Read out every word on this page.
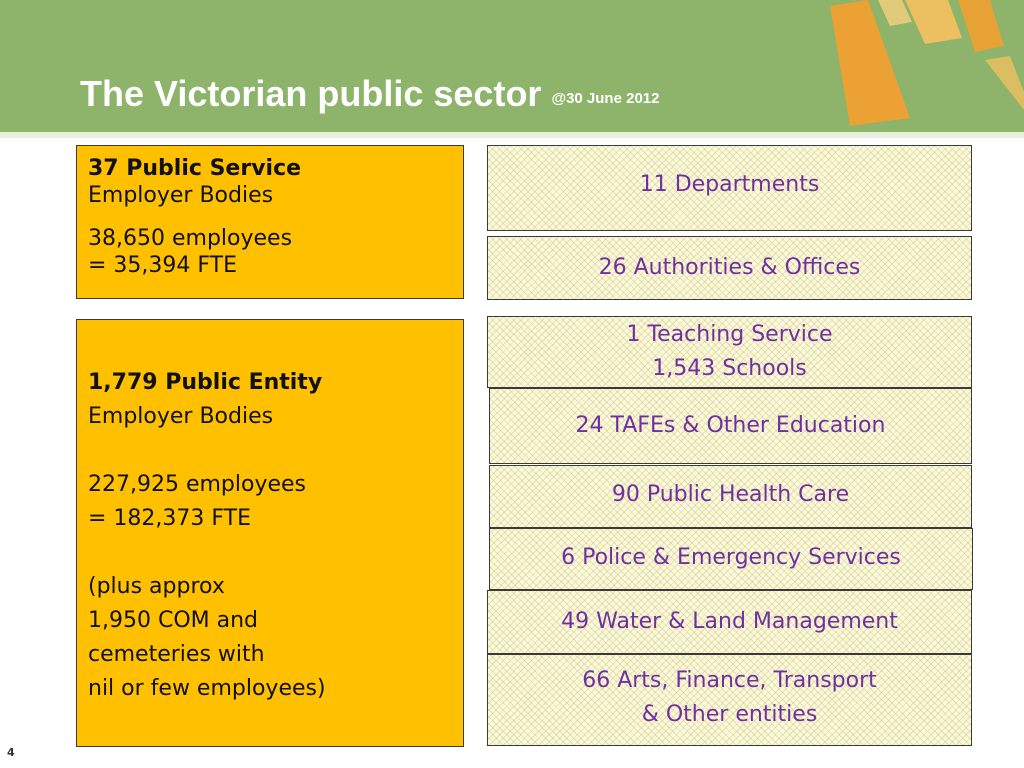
The Victorian public sector $^{@30 June 2012}$
37 Public Service
Employer Bodies
38,650 employees
= 35,394 FTE
1,779 Public Entity
Employer Bodies
227,925 employees
= 182,373 FTE
(plus approx
1,950 COM and
cemeteries with
nil or few employees)
11 Departments
26 Authorities & Offices
1 Teaching Service
1,543 Schools
24 TAFEs & Other Education
90 Public Health Care
6 Police & Emergency Services
49 Water & Land Management
66 Arts, Finance, Transport
& Other entities
4
